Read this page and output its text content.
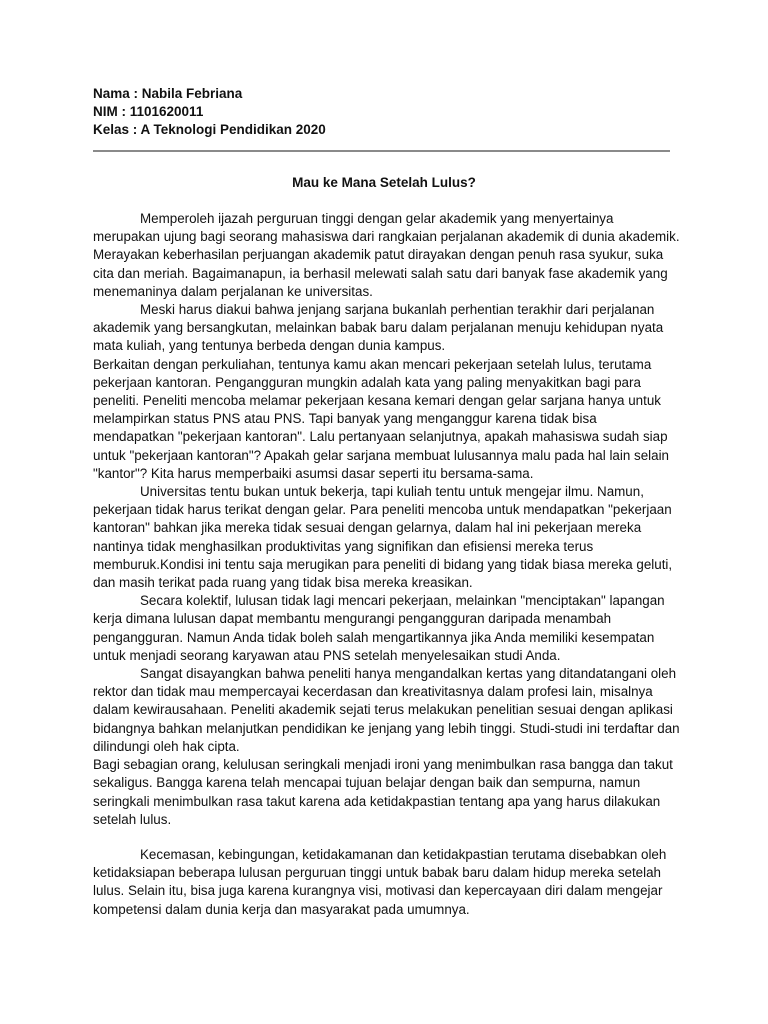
Nama : Nabila Febriana
NIM : 1101620011
Kelas : A Teknologi Pendidikan 2020
Mau ke Mana Setelah Lulus?

Memperoleh ijazah perguruan tinggi dengan gelar akademik yang menyertainya merupakan ujung bagi seorang mahasiswa dari rangkaian perjalanan akademik di dunia akademik. Merayakan keberhasilan perjuangan akademik patut dirayakan dengan penuh rasa syukur, suka cita dan meriah. Bagaimanapun, ia berhasil melewati salah satu dari banyak fase akademik yang menemaninya dalam perjalanan ke universitas.

Meski harus diakui bahwa jenjang sarjana bukanlah perhentian terakhir dari perjalanan akademik yang bersangkutan, melainkan babak baru dalam perjalanan menuju kehidupan nyata mata kuliah, yang tentunya berbeda dengan dunia kampus.

Berkaitan dengan perkuliahan, tentunya kamu akan mencari pekerjaan setelah lulus, terutama pekerjaan kantoran. Pengangguran mungkin adalah kata yang paling menyakitkan bagi para peneliti. Peneliti mencoba melamar pekerjaan kesana kemari dengan gelar sarjana hanya untuk melampirkan status PNS atau PNS. Tapi banyak yang menganggur karena tidak bisa mendapatkan "pekerjaan kantoran". Lalu pertanyaan selanjutnya, apakah mahasiswa sudah siap untuk "pekerjaan kantoran"? Apakah gelar sarjana membuat lulusannya malu pada hal lain selain "kantor"? Kita harus memperbaiki asumsi dasar seperti itu bersama-sama.

Universitas tentu bukan untuk bekerja, tapi kuliah tentu untuk mengejar ilmu. Namun, pekerjaan tidak harus terikat dengan gelar. Para peneliti mencoba untuk mendapatkan "pekerjaan kantoran" bahkan jika mereka tidak sesuai dengan gelarnya, dalam hal ini pekerjaan mereka nantinya tidak menghasilkan produktivitas yang signifikan dan efisiensi mereka terus memburuk.Kondisi ini tentu saja merugikan para peneliti di bidang yang tidak biasa mereka geluti, dan masih terikat pada ruang yang tidak bisa mereka kreasikan.

Secara kolektif, lulusan tidak lagi mencari pekerjaan, melainkan "menciptakan" lapangan kerja dimana lulusan dapat membantu mengurangi pengangguran daripada menambah pengangguran. Namun Anda tidak boleh salah mengartikannya jika Anda memiliki kesempatan untuk menjadi seorang karyawan atau PNS setelah menyelesaikan studi Anda.

Sangat disayangkan bahwa peneliti hanya mengandalkan kertas yang ditandatangani oleh rektor dan tidak mau mempercayai kecerdasan dan kreativitasnya dalam profesi lain, misalnya dalam kewirausahaan. Peneliti akademik sejati terus melakukan penelitian sesuai dengan aplikasi bidangnya bahkan melanjutkan pendidikan ke jenjang yang lebih tinggi. Studi-studi ini terdaftar dan dilindungi oleh hak cipta.

Bagi sebagian orang, kelulusan seringkali menjadi ironi yang menimbulkan rasa bangga dan takut sekaligus. Bangga karena telah mencapai tujuan belajar dengan baik dan sempurna, namun seringkali menimbulkan rasa takut karena ada ketidakpastian tentang apa yang harus dilakukan setelah lulus.

Kecemasan, kebingungan, ketidakamanan dan ketidakpastian terutama disebabkan oleh ketidaksiapan beberapa lulusan perguruan tinggi untuk babak baru dalam hidup mereka setelah lulus. Selain itu, bisa juga karena kurangnya visi, motivasi dan kepercayaan diri dalam mengejar kompetensi dalam dunia kerja dan masyarakat pada umumnya.
